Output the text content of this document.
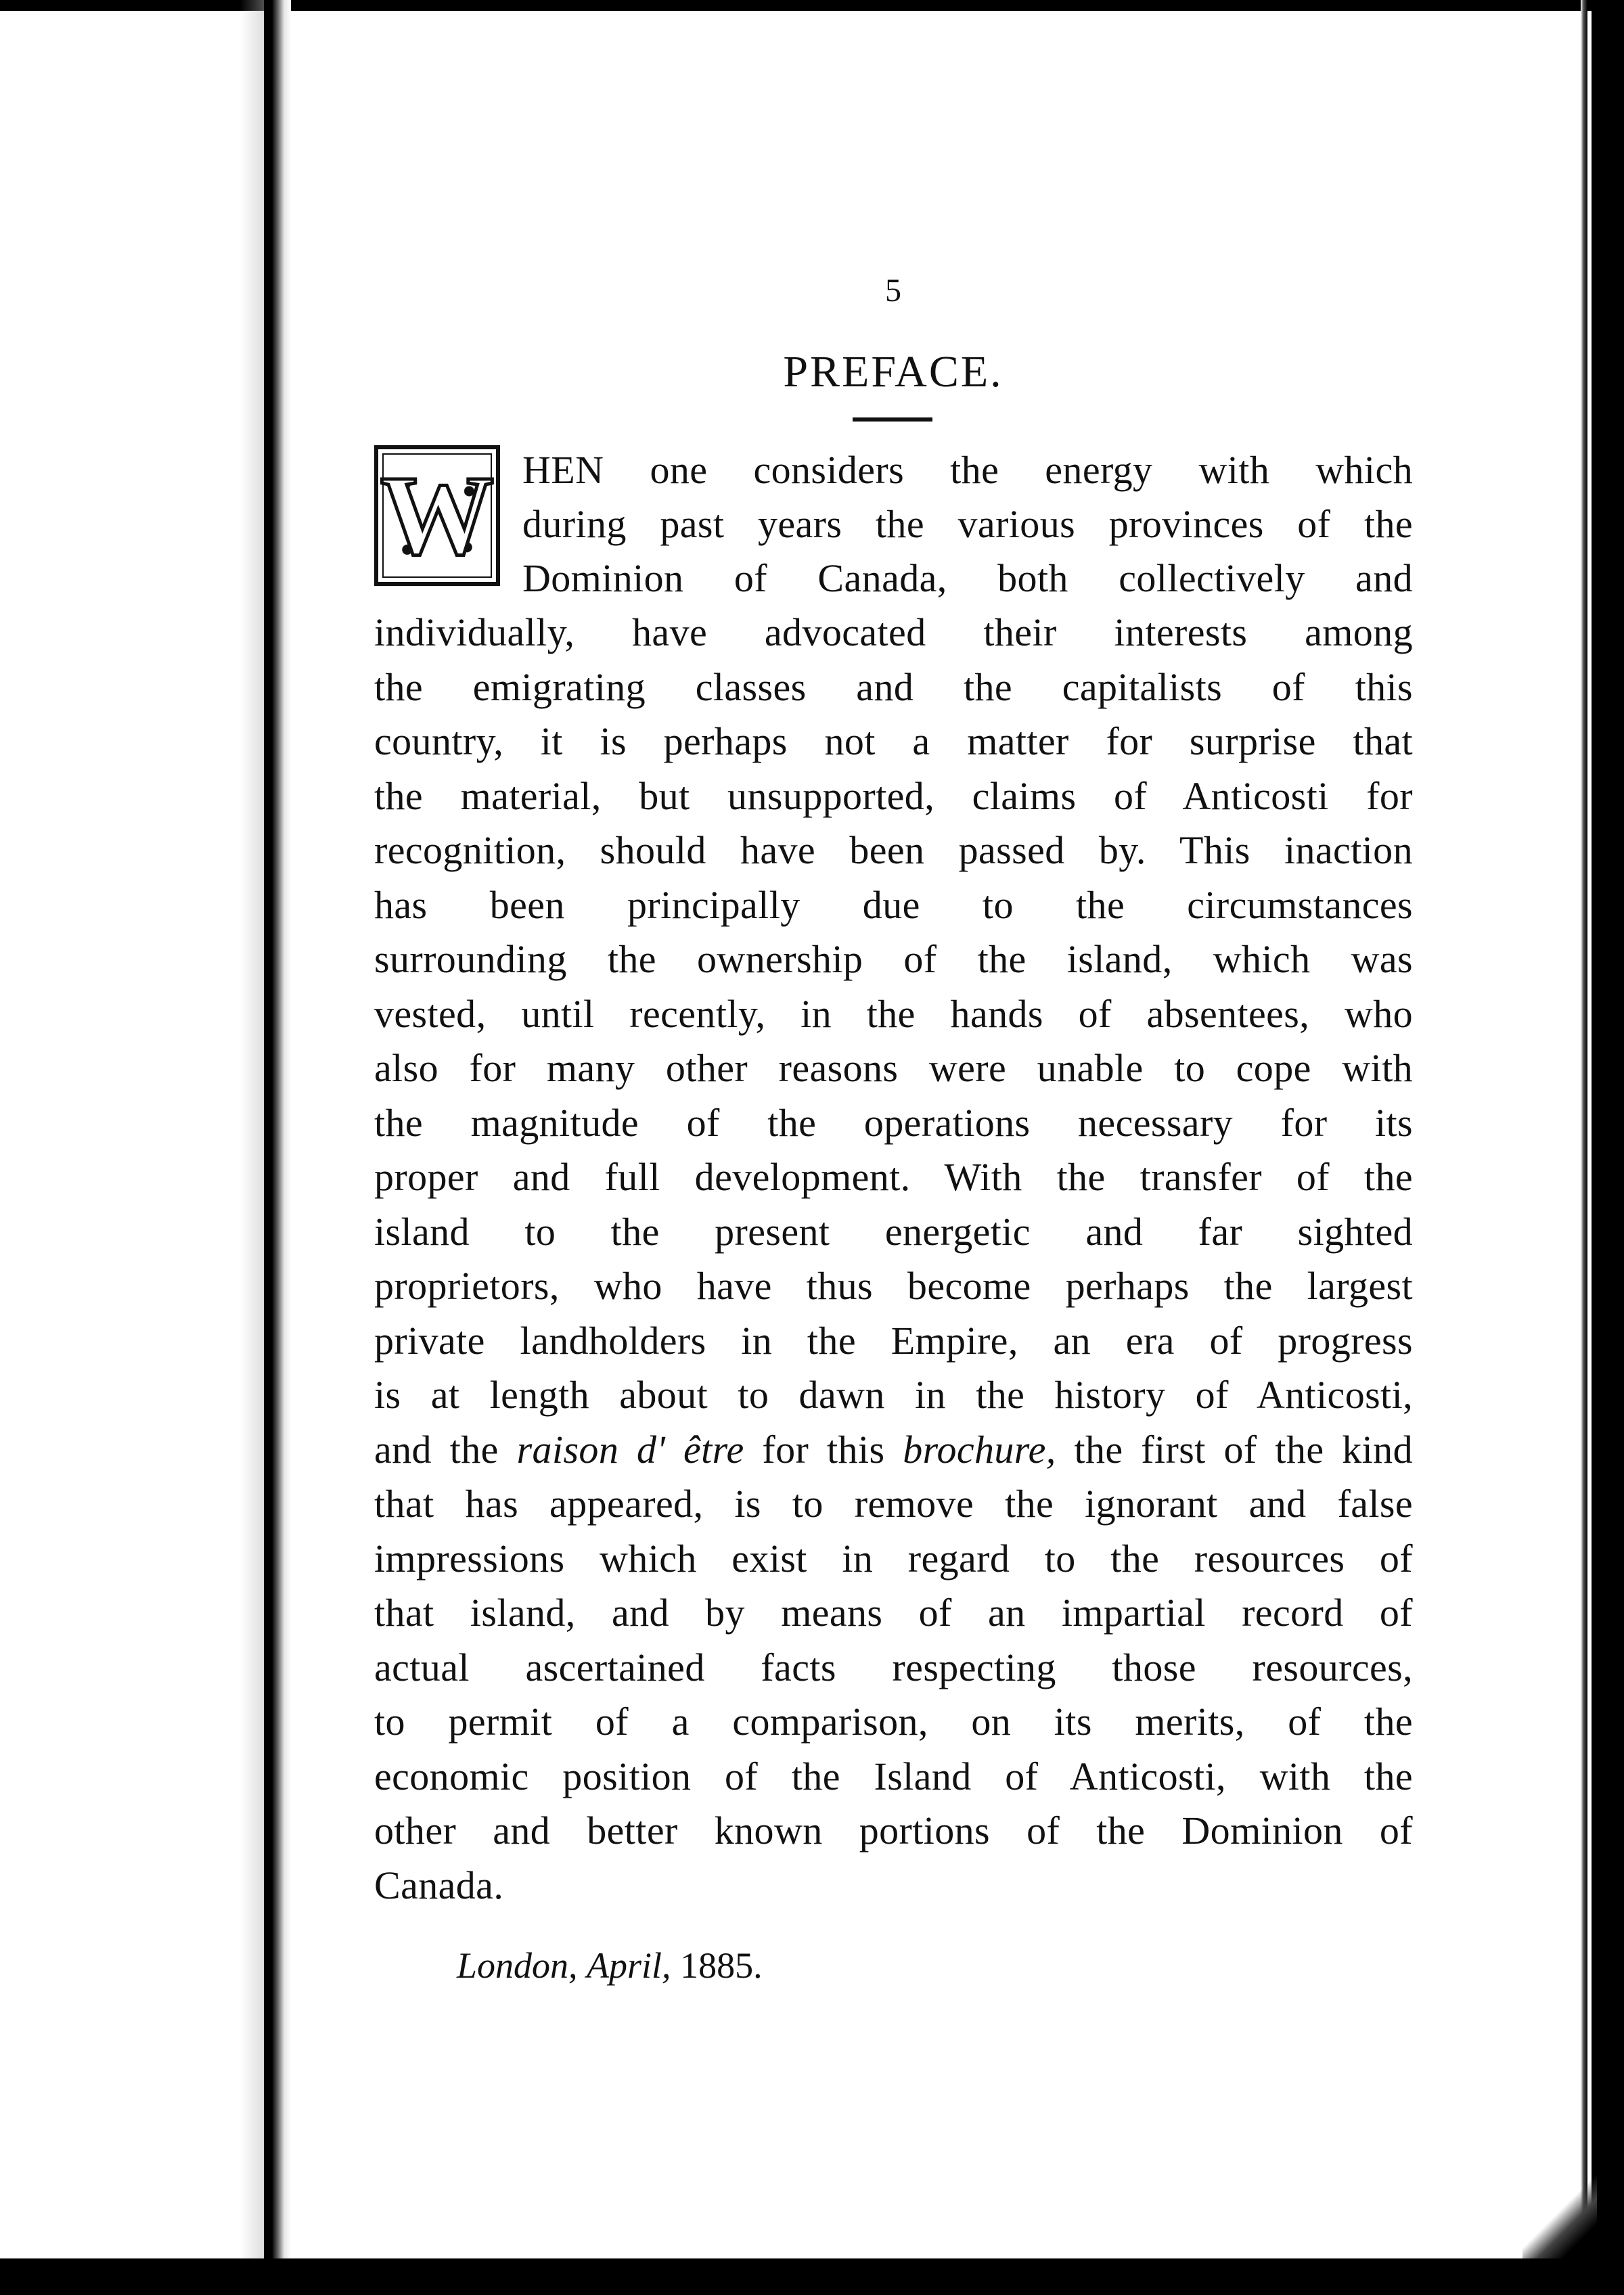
5
PREFACE.
W HEN one considers the energy with which
during past years the various provinces of the
Dominion of Canada, both collectively and
individually, have advocated their interests among
the emigrating classes and the capitalists of this
country, it is perhaps not a matter for surprise that
the material, but unsupported, claims of Anticosti for
recognition, should have been passed by. This inaction
has been principally due to the circumstances
surrounding the ownership of the island, which was
vested, until recently, in the hands of absentees, who
also for many other reasons were unable to cope with
the magnitude of the operations necessary for its
proper and full development. With the transfer of the
island to the present energetic and far sighted
proprietors, who have thus become perhaps the largest
private landholders in the Empire, an era of progress
is at length about to dawn in the history of Anticosti,
and the raison d' être for this brochure, the first of the kind
that has appeared, is to remove the ignorant and false
impressions which exist in regard to the resources of
that island, and by means of an impartial record of
actual ascertained facts respecting those resources,
to permit of a comparison, on its merits, of the
economic position of the Island of Anticosti, with the
other and better known portions of the Dominion of
Canada.
London, April, 1885.
